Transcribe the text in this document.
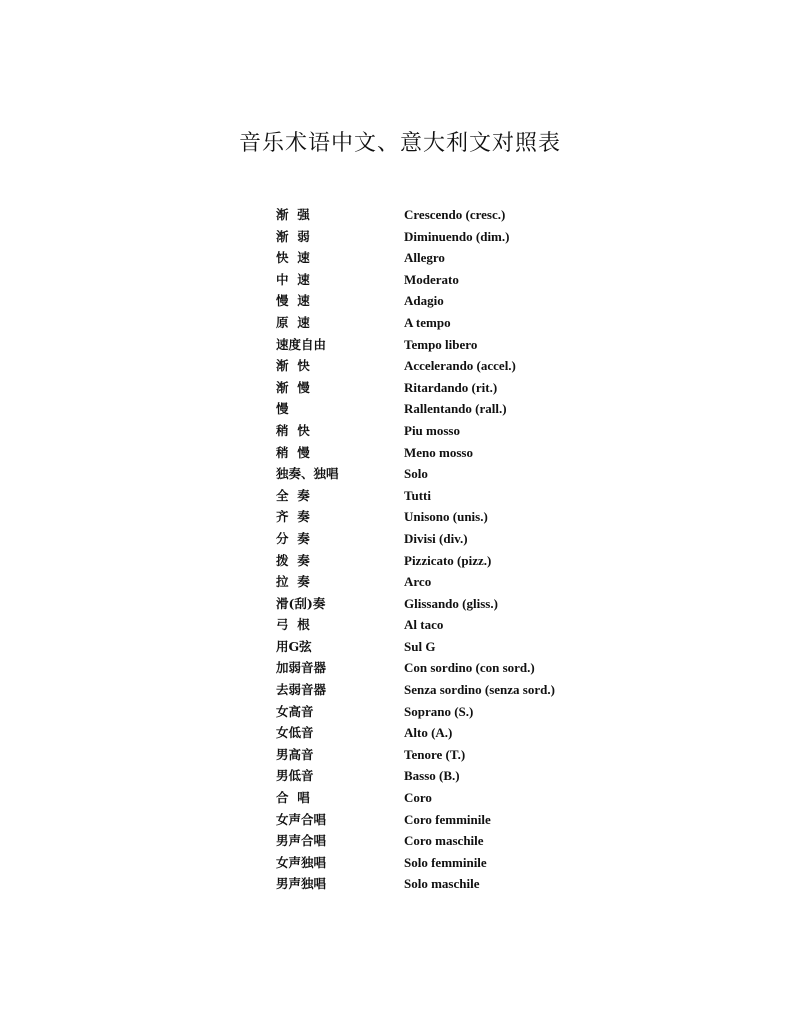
音乐术语中文、意大利文对照表
渐  强	Crescendo (cresc.)
渐  弱	Diminuendo (dim.)
快  速	Allegro
中  速	Moderato
慢  速	Adagio
原  速	A tempo
速度自由	Tempo libero
渐  快	Accelerando (accel.)
渐  慢	Ritardando (rit.)
慢	Rallentando (rall.)
稍  快	Piu mosso
稍  慢	Meno mosso
独奏、独唱	Solo
全  奏	Tutti
齐  奏	Unisono (unis.)
分  奏	Divisi (div.)
拨  奏	Pizzicato (pizz.)
拉  奏	Arco
滑(刮)奏	Glissando (gliss.)
弓  根	Al taco
用G弦	Sul G
加弱音器	Con sordino (con sord.)
去弱音器	Senza sordino (senza sord.)
女高音	Soprano (S.)
女低音	Alto (A.)
男高音	Tenore (T.)
男低音	Basso (B.)
合  唱	Coro
女声合唱	Coro femminile
男声合唱	Coro maschile
女声独唱	Solo femminile
男声独唱	Solo maschile
